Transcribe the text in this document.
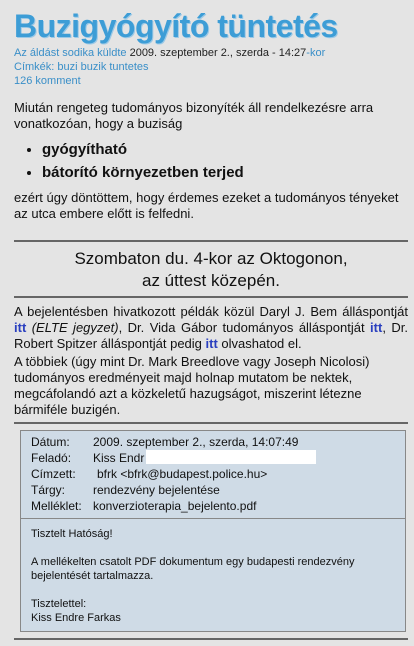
Buzigyógyító tüntetés
Az áldást sodika küldte 2009. szeptember 2., szerda - 14:27-kor
Címkék: buzi buzik tuntetes
126 komment

Miután rengeteg tudományos bizonyíték áll rendelkezésre arra vonatkozóan, hogy a buziság

• gyógyítható
• bátorító környezetben terjed

ezért úgy döntöttem, hogy érdemes ezeket a tudományos tényeket az utca embere előtt is felfedni.

Szombaton du. 4-kor az Oktogonon,
az úttest közepén.

A bejelentésben hivatkozott példák közül Daryl J. Bem álláspontját itt (ELTE jegyzet), Dr. Vida Gábor tudományos álláspontját itt, Dr. Robert Spitzer álláspontját pedig itt olvashatod el.

A többiek (úgy mint Dr. Mark Breedlove vagy Joseph Nicolosi) tudományos eredményeit majd holnap mutatom be nektek, megcáfolandó azt a közkeletű hazugságot, miszerint létezne bármiféle buzigén.

Dátum:	2009. szeptember 2., szerda, 14:07:49
Feladó:	Kiss Endr
Címzett:	bfrk <bfrk@budapest.police.hu>
Tárgy:	rendezvény bejelentése
Melléklet: konverzioterapia_bejelento.pdf
Tisztelt Hatóság!
A mellékelten csatolt PDF dokumentum egy budapesti rendezvény bejelentését tartalmazza.
Tisztelettel:
Kiss Endre Farkas
